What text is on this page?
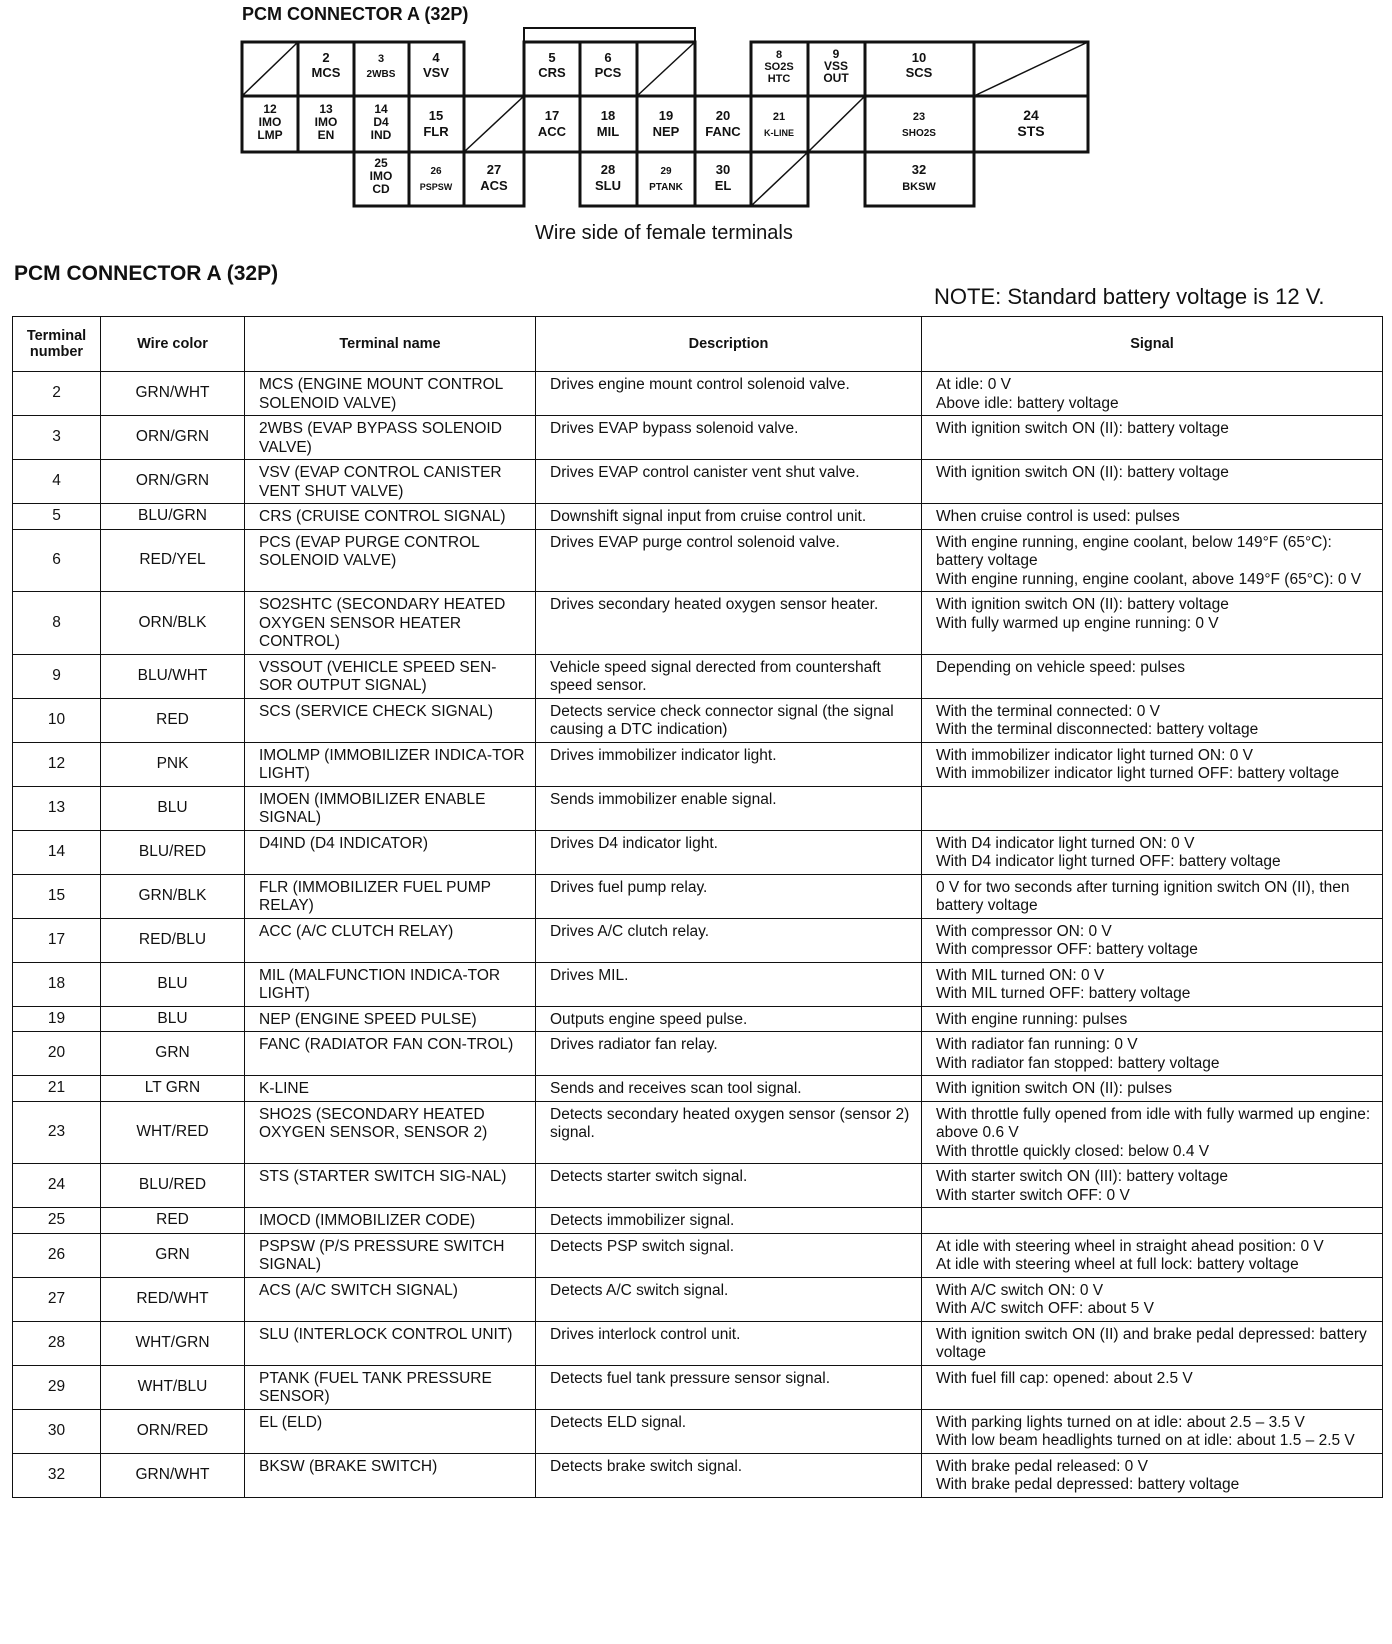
PCM CONNECTOR A (32P)
2 MCS
3 2WBS
4 VSV
5 CRS
6 PCS
8 SO2S HTC
9 VSS OUT
10 SCS
12 IMO LMP
13 IMO EN
14 D4 IND
15 FLR
17 ACC
18 MIL
19 NEP
20 FANC
21 K-LINE
23 SHO2S
24 STS
25 IMO CD
26 PSPSW
27 ACS
28 SLU
29 PTANK
30 EL
32 BKSW
Wire side of female terminals
PCM CONNECTOR A (32P)
NOTE: Standard battery voltage is 12 V.
Terminal number	Wire color	Terminal name	Description	Signal
2	GRN/WHT	MCS (ENGINE MOUNT CONTROL SOLENOID VALVE)	Drives engine mount control solenoid valve.	At idle: 0 V
Above idle: battery voltage

3	ORN/GRN	2WBS (EVAP BYPASS SOLENOID VALVE)	Drives EVAP bypass solenoid valve.	With ignition switch ON (II): battery voltage

4	ORN/GRN	VSV (EVAP CONTROL CANISTER VENT SHUT VALVE)	Drives EVAP control canister vent shut valve.	With ignition switch ON (II): battery voltage

5	BLU/GRN	CRS (CRUISE CONTROL SIGNAL)	Downshift signal input from cruise control unit.	When cruise control is used: pulses

6	RED/YEL	PCS (EVAP PURGE CONTROL SOLENOID VALVE)	Drives EVAP purge control solenoid valve.	With engine running, engine coolant, below 149°F (65°C): battery voltage
With engine running, engine coolant, above 149°F (65°C): 0 V

8	ORN/BLK	SO2SHTC (SECONDARY HEATED OXYGEN SENSOR HEATER CONTROL)	Drives secondary heated oxygen sensor heater.	With ignition switch ON (II): battery voltage
With fully warmed up engine running: 0 V

9	BLU/WHT	VSSOUT (VEHICLE SPEED SEN-SOR OUTPUT SIGNAL)	Vehicle speed signal derected from countershaft speed sensor.	Depending on vehicle speed: pulses

10	RED	SCS (SERVICE CHECK SIGNAL)	Detects service check connector signal (the signal causing a DTC indication)	With the terminal connected: 0 V
With the terminal disconnected: battery voltage

12	PNK	IMOLMP (IMMOBILIZER INDICA-TOR LIGHT)	Drives immobilizer indicator light.	With immobilizer indicator light turned ON: 0 V
With immobilizer indicator light turned OFF: battery voltage

13	BLU	IMOEN (IMMOBILIZER ENABLE SIGNAL)	Sends immobilizer enable signal.	
14	BLU/RED	D4IND (D4 INDICATOR)	Drives D4 indicator light.	With D4 indicator light turned ON: 0 V
With D4 indicator light turned OFF: battery voltage

15	GRN/BLK	FLR (IMMOBILIZER FUEL PUMP RELAY)	Drives fuel pump relay.	0 V for two seconds after turning ignition switch ON (II), then battery voltage

17	RED/BLU	ACC (A/C CLUTCH RELAY)	Drives A/C clutch relay.	With compressor ON: 0 V
With compressor OFF: battery voltage

18	BLU	MIL (MALFUNCTION INDICA-TOR LIGHT)	Drives MIL.	With MIL turned ON: 0 V
With MIL turned OFF: battery voltage

19	BLU	NEP (ENGINE SPEED PULSE)	Outputs engine speed pulse.	With engine running: pulses

20	GRN	FANC (RADIATOR FAN CON-TROL)	Drives radiator fan relay.	With radiator fan running: 0 V
With radiator fan stopped: battery voltage

21	LT GRN	K-LINE	Sends and receives scan tool signal.	With ignition switch ON (II): pulses

23	WHT/RED	SHO2S (SECONDARY HEATED OXYGEN SENSOR, SENSOR 2)	Detects secondary heated oxygen sensor (sensor 2) signal.	With throttle fully opened from idle with fully warmed up engine: above 0.6 V
With throttle quickly closed: below 0.4 V

24	BLU/RED	STS (STARTER SWITCH SIG-NAL)	Detects starter switch signal.	With starter switch ON (III): battery voltage
With starter switch OFF: 0 V

25	RED	IMOCD (IMMOBILIZER CODE)	Detects immobilizer signal.	
26	GRN	PSPSW (P/S PRESSURE SWITCH SIGNAL)	Detects PSP switch signal.	At idle with steering wheel in straight ahead position: 0 V
At idle with steering wheel at full lock: battery voltage

27	RED/WHT	ACS (A/C SWITCH SIGNAL)	Detects A/C switch signal.	With A/C switch ON: 0 V
With A/C switch OFF: about 5 V

28	WHT/GRN	SLU (INTERLOCK CONTROL UNIT)	Drives interlock control unit.	With ignition switch ON (II) and brake pedal depressed: battery voltage

29	WHT/BLU	PTANK (FUEL TANK PRESSURE SENSOR)	Detects fuel tank pressure sensor signal.	With fuel fill cap: opened: about 2.5 V

30	ORN/RED	EL (ELD)	Detects ELD signal.	With parking lights turned on at idle: about 2.5 – 3.5 V
With low beam headlights turned on at idle: about 1.5 – 2.5 V

32	GRN/WHT	BKSW (BRAKE SWITCH)	Detects brake switch signal.	With brake pedal released: 0 V
With brake pedal depressed: battery voltage
